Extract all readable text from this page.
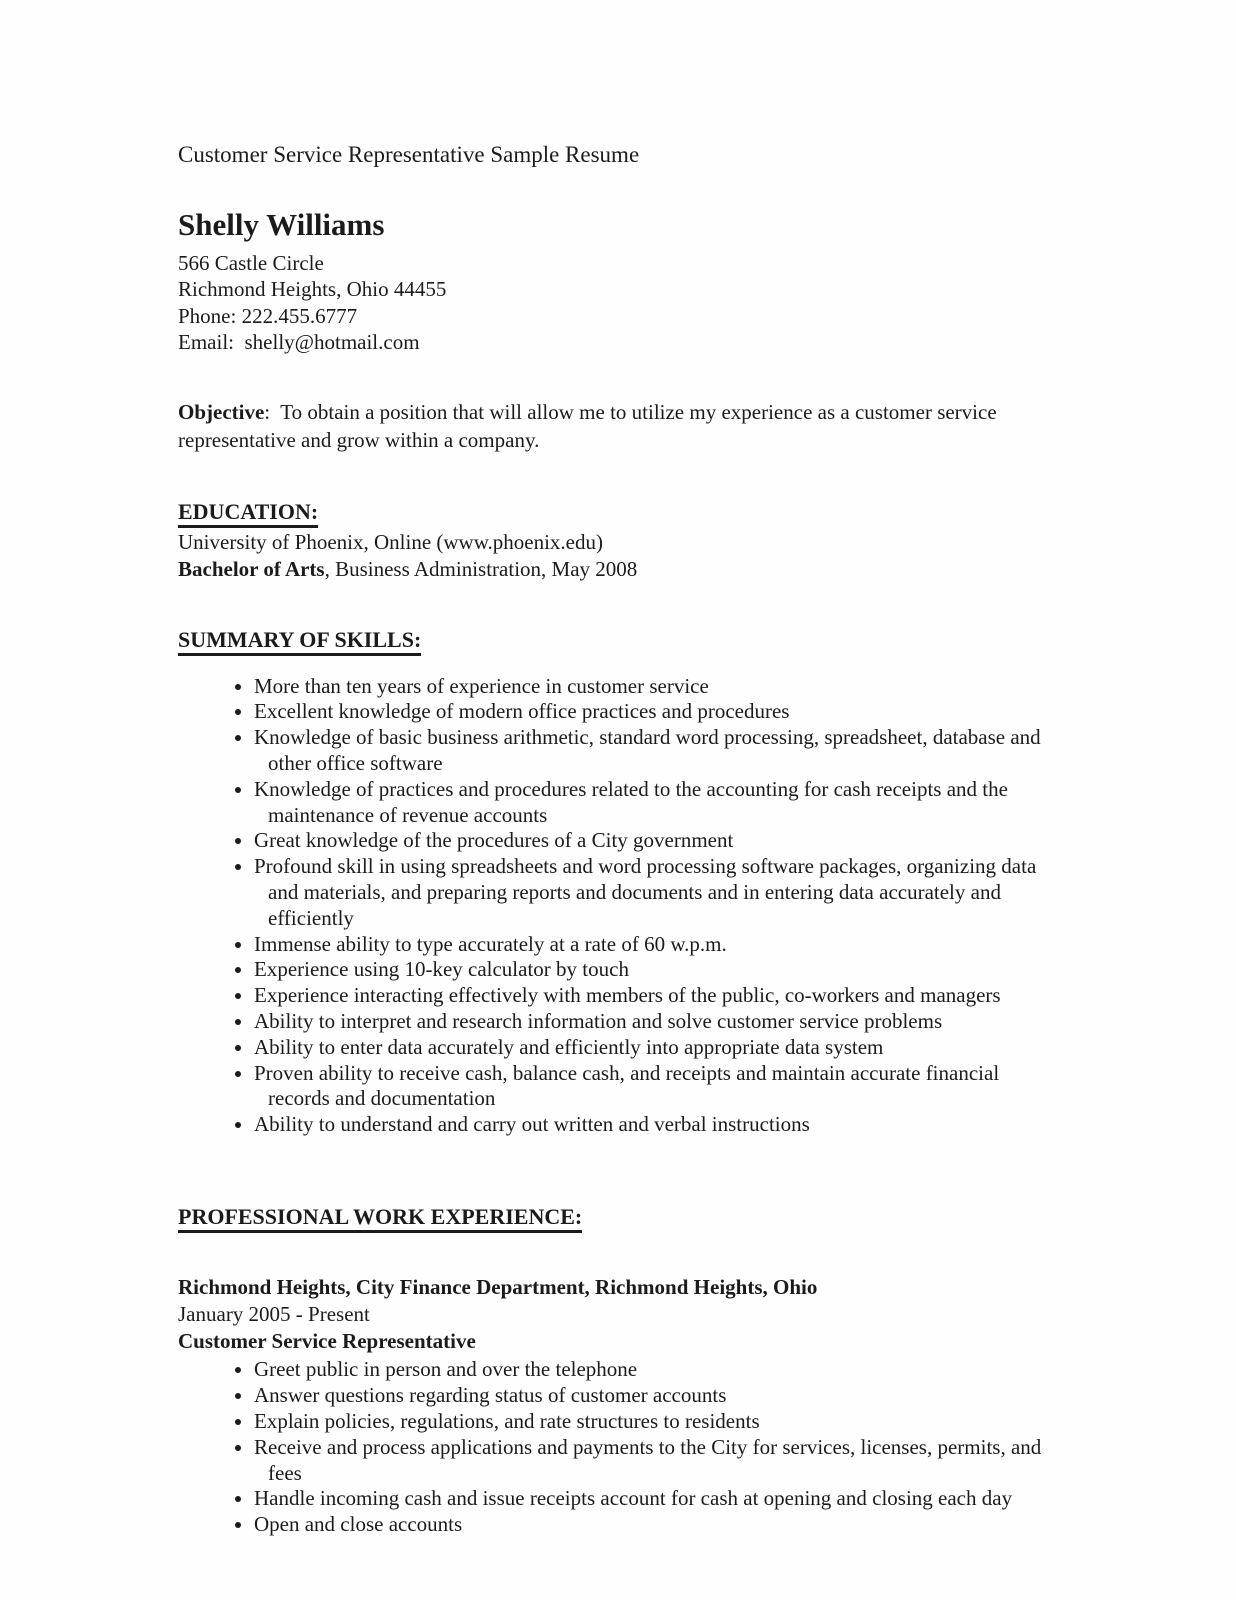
Customer Service Representative Sample Resume
Shelly Williams
566 Castle Circle
Richmond Heights, Ohio 44455
Phone: 222.455.6777
Email:  shelly@hotmail.com

Objective:  To obtain a position that will allow me to utilize my experience as a customer service representative and grow within a company.

EDUCATION:
University of Phoenix, Online (www.phoenix.edu)
Bachelor of Arts, Business Administration, May 2008
SUMMARY OF SKILLS:
• More than ten years of experience in customer service
• Excellent knowledge of modern office practices and procedures
• Knowledge of basic business arithmetic, standard word processing, spreadsheet, database and other office software
• Knowledge of practices and procedures related to the accounting for cash receipts and the maintenance of revenue accounts
• Great knowledge of the procedures of a City government
• Profound skill in using spreadsheets and word processing software packages, organizing data and materials, and preparing reports and documents and in entering data accurately and efficiently
• Immense ability to type accurately at a rate of 60 w.p.m.
• Experience using 10-key calculator by touch
• Experience interacting effectively with members of the public, co-workers and managers
• Ability to interpret and research information and solve customer service problems
• Ability to enter data accurately and efficiently into appropriate data system
• Proven ability to receive cash, balance cash, and receipts and maintain accurate financial records and documentation
• Ability to understand and carry out written and verbal instructions
PROFESSIONAL WORK EXPERIENCE:
Richmond Heights, City Finance Department, Richmond Heights, Ohio
January 2005 - Present
Customer Service Representative
• Greet public in person and over the telephone
• Answer questions regarding status of customer accounts
• Explain policies, regulations, and rate structures to residents
• Receive and process applications and payments to the City for services, licenses, permits, and fees
• Handle incoming cash and issue receipts account for cash at opening and closing each day
• Open and close accounts
